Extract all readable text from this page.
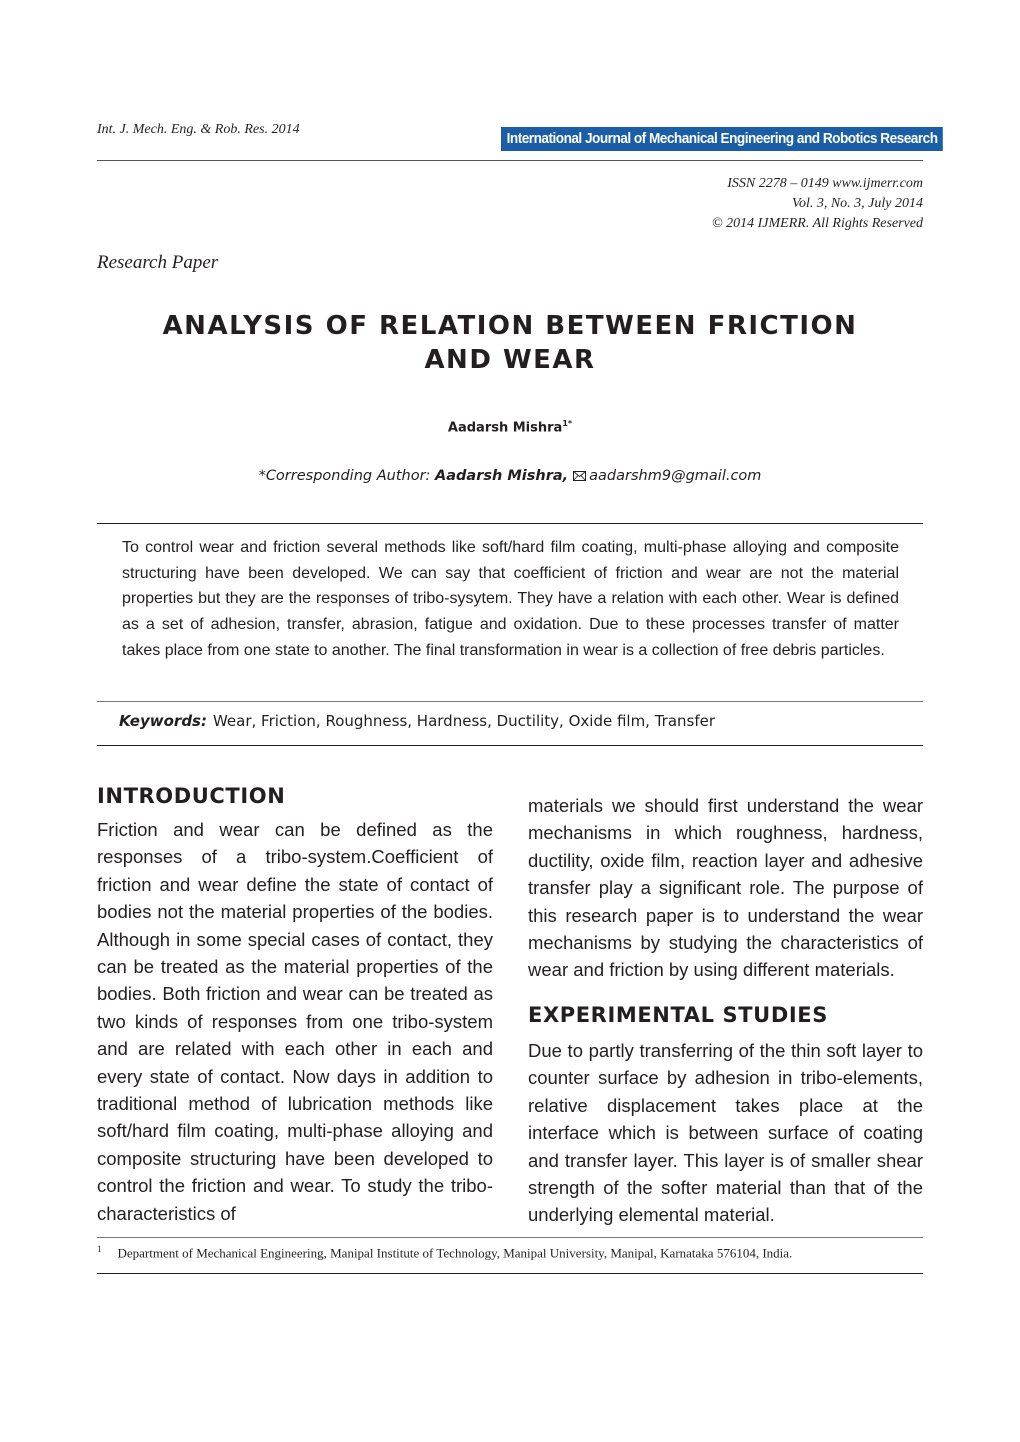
Int. J. Mech. Eng. & Rob. Res. 2014
International Journal of Mechanical Engineering and Robotics Research
ISSN 2278 – 0149 www.ijmerr.com
Vol. 3, No. 3, July 2014
© 2014 IJMERR. All Rights Reserved
Research Paper
ANALYSIS OF RELATION BETWEEN FRICTION
AND WEAR
Aadarsh Mishra$^{1*}$
*Corresponding Author: Aadarsh Mishra, aadarshm9@gmail.com
To control wear and friction several methods like soft/hard film coating, multi-phase alloying and composite structuring have been developed. We can say that coefficient of friction and wear are not the material properties but they are the responses of tribo-sysytem. They have a relation with each other. Wear is defined as a set of adhesion, transfer, abrasion, fatigue and oxidation. Due to these processes transfer of matter takes place from one state to another. The final transformation in wear is a collection of free debris particles.
Keywords: Wear, Friction, Roughness, Hardness, Ductility, Oxide film, Transfer
INTRODUCTION

Friction and wear can be defined as the responses of a tribo-system.Coefficient of friction and wear define the state of contact of bodies not the material properties of the bodies. Although in some special cases of contact, they can be treated as the material properties of the bodies. Both friction and wear can be treated as two kinds of responses from one tribo-system and are related with each other in each and every state of contact. Now days in addition to traditional method of lubrication methods like soft/hard film coating, multi-phase alloying and composite structuring have been developed to control the friction and wear. To study the tribo-characteristics of

materials we should first understand the wear mechanisms in which roughness, hardness, ductility, oxide film, reaction layer and adhesive transfer play a significant role. The purpose of this research paper is to understand the wear mechanisms by studying the characteristics of wear and friction by using different materials.

EXPERIMENTAL STUDIES

Due to partly transferring of the thin soft layer to counter surface by adhesion in tribo-elements, relative displacement takes place at the interface which is between surface of coating and transfer layer. This layer is of smaller shear strength of the softer material than that of the underlying elemental material.

$^1$ Department of Mechanical Engineering, Manipal Institute of Technology, Manipal University, Manipal, Karnataka 576104, India.
